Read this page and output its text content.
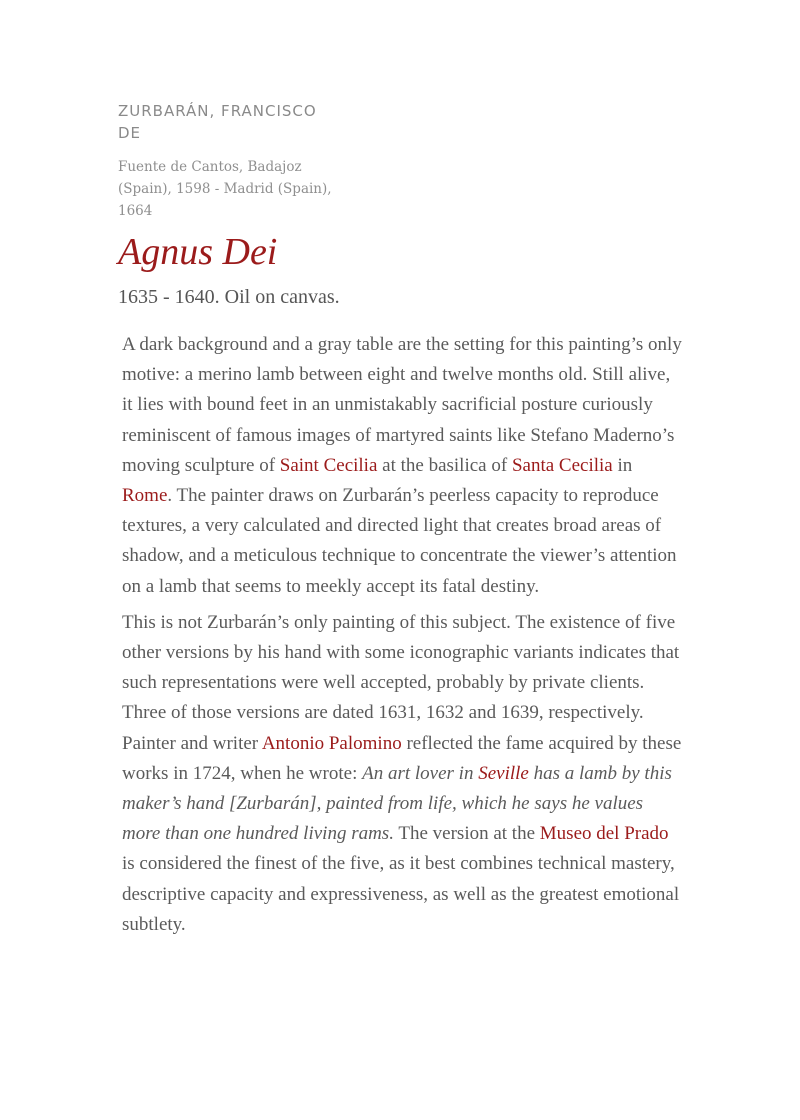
ZURBARÁN, FRANCISCO DE
Fuente de Cantos, Badajoz (Spain), 1598 - Madrid (Spain), 1664
Agnus Dei
1635 - 1640. Oil on canvas.

A dark background and a gray table are the setting for this painting’s only motive: a merino lamb between eight and twelve months old. Still alive, it lies with bound feet in an unmistakably sacrificial posture curiously reminiscent of famous images of martyred saints like Stefano Maderno’s moving sculpture of Saint Cecilia at the basilica of Santa Cecilia in Rome. The painter draws on Zurbarán’s peerless capacity to reproduce textures, a very calculated and directed light that creates broad areas of shadow, and a meticulous technique to concentrate the viewer’s attention on a lamb that seems to meekly accept its fatal destiny.

This is not Zurbarán’s only painting of this subject. The existence of five other versions by his hand with some iconographic variants indicates that such representations were well accepted, probably by private clients. Three of those versions are dated 1631, 1632 and 1639, respectively. Painter and writer Antonio Palomino reflected the fame acquired by these works in 1724, when he wrote: An art lover in Seville has a lamb by this maker’s hand [Zurbarán], painted from life, which he says he values more than one hundred living rams. The version at the Museo del Prado is considered the finest of the five, as it best combines technical mastery, descriptive capacity and expressiveness, as well as the greatest emotional subtlety.
